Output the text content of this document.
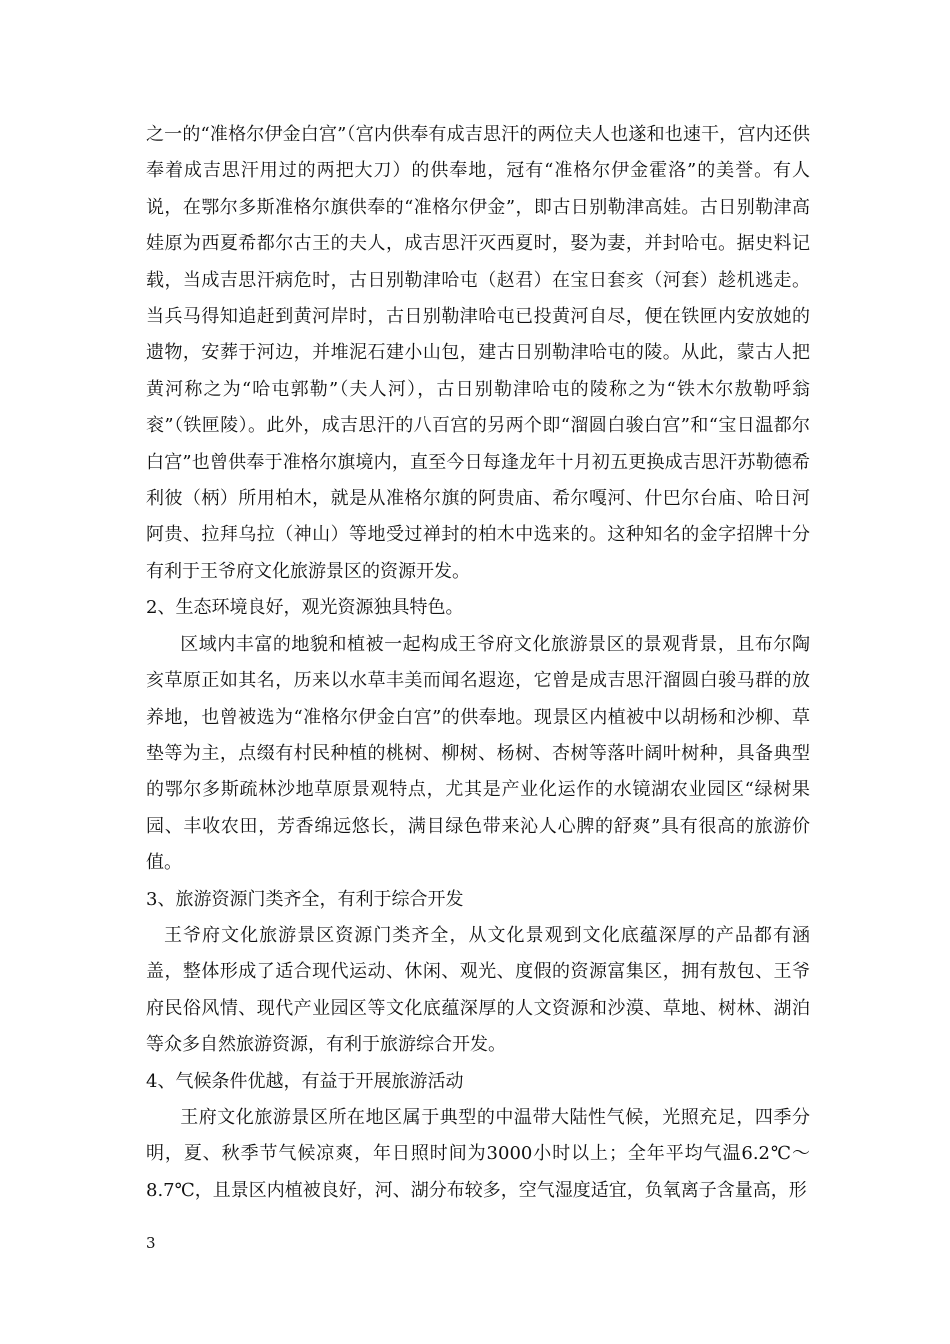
之一的“准格尔伊金白宫”（宫内供奉有成吉思汗的两位夫人也遂和也速干，宫内还供奉着成吉思汗用过的两把大刀）的供奉地，冠有“准格尔伊金霍洛”的美誉。有人说，在鄂尔多斯准格尔旗供奉的“准格尔伊金”，即古日别勒津高娃。古日别勒津高娃原为西夏希都尔古王的夫人，成吉思汗灭西夏时，娶为妻，并封哈屯。据史料记载，当成吉思汗病危时，古日别勒津哈屯（赵君）在宝日套亥（河套）趁机逃走。当兵马得知追赶到黄河岸时，古日别勒津哈屯已投黄河自尽，便在铁匣内安放她的遗物，安葬于河边，并堆泥石建小山包，建古日别勒津哈屯的陵。从此，蒙古人把黄河称之为“哈屯郭勒”（夫人河），古日别勒津哈屯的陵称之为“铁木尔敖勒呼翁衮”（铁匣陵）。此外，成吉思汗的八百宫的另两个即“溜圆白骏白宫”和“宝日温都尔白宫”也曾供奉于准格尔旗境内，直至今日每逢龙年十月初五更换成吉思汗苏勒德希利彼（柄）所用柏木，就是从准格尔旗的阿贵庙、希尔嘎河、什巴尔台庙、哈日河阿贵、拉拜乌拉（神山）等地受过禅封的柏木中选来的。这种知名的金字招牌十分有利于王爷府文化旅游景区的资源开发。

2、生态环境良好，观光资源独具特色。

区域内丰富的地貌和植被一起构成王爷府文化旅游景区的景观背景，且布尔陶亥草原正如其名，历来以水草丰美而闻名遐迩，它曾是成吉思汗溜圆白骏马群的放养地，也曾被选为“准格尔伊金白宫”的供奉地。现景区内植被中以胡杨和沙柳、草垫等为主，点缀有村民种植的桃树、柳树、杨树、杏树等落叶阔叶树种，具备典型的鄂尔多斯疏林沙地草原景观特点，尤其是产业化运作的水镜湖农业园区“绿树果园、丰收农田，芳香绵远悠长，满目绿色带来沁人心脾的舒爽”具有很高的旅游价值。

3、旅游资源门类齐全，有利于综合开发

王爷府文化旅游景区资源门类齐全，从文化景观到文化底蕴深厚的产品都有涵盖，整体形成了适合现代运动、休闲、观光、度假的资源富集区，拥有敖包、王爷府民俗风情、现代产业园区等文化底蕴深厚的人文资源和沙漠、草地、树林、湖泊等众多自然旅游资源，有利于旅游综合开发。

4、气候条件优越，有益于开展旅游活动

王府文化旅游景区所在地区属于典型的中温带大陆性气候，光照充足，四季分明，夏、秋季节气候凉爽，年日照时间为3000小时以上；全年平均气温6.2℃～8.7℃，且景区内植被良好，河、湖分布较多，空气湿度适宜，负氧离子含量高，形

3
